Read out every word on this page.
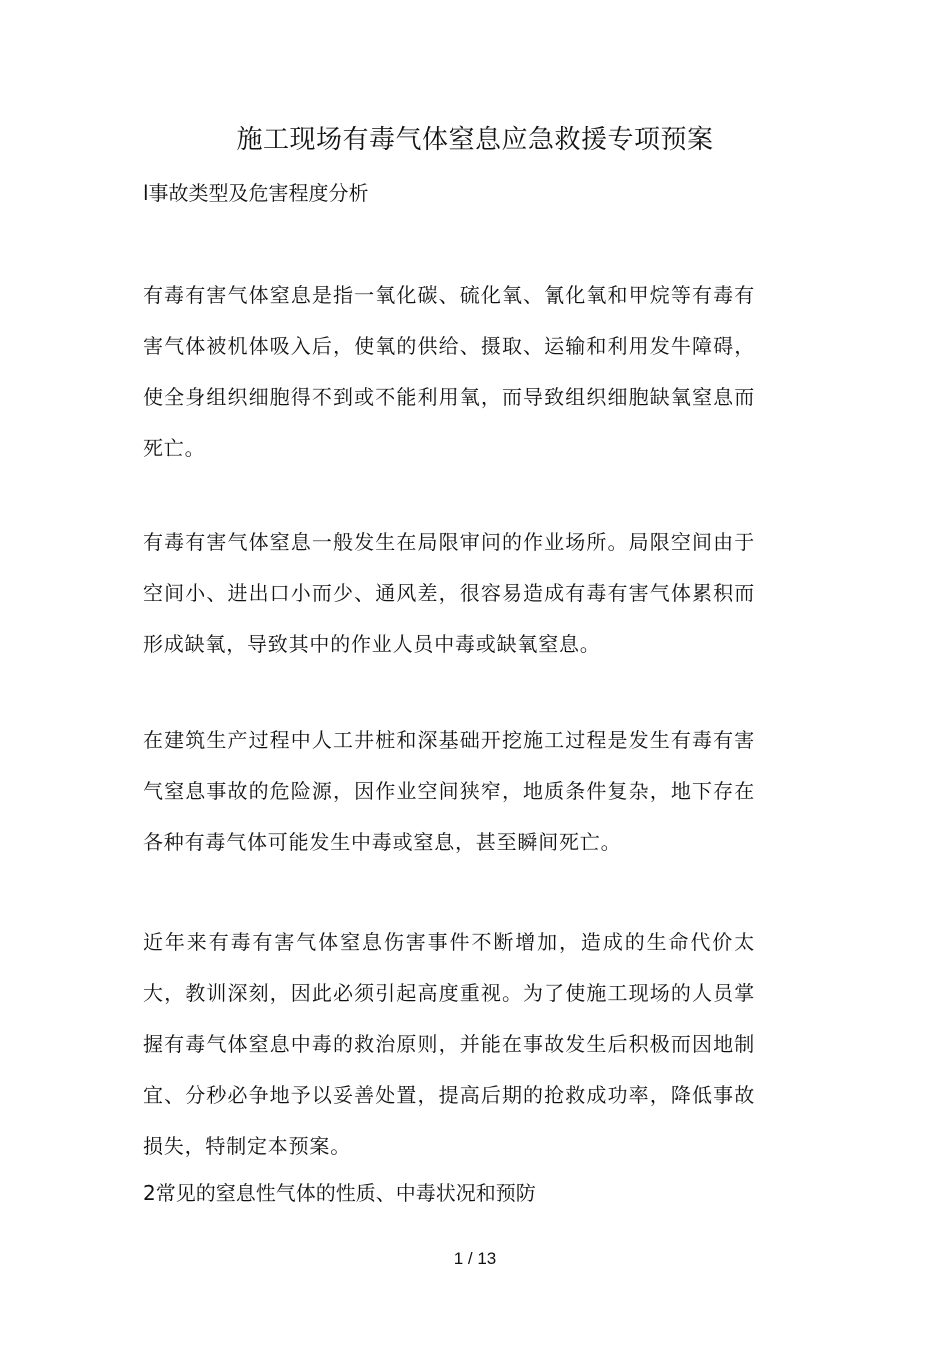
施工现场有毒气体窒息应急救援专项预案
l事故类型及危害程度分析

有毒有害气体窒息是指一氧化碳、硫化氧、氰化氧和甲烷等有毒有害气体被机体吸入后，使氧的供给、摄取、运输和利用发牛障碍，使全身组织细胞得不到或不能利用氧，而导致组织细胞缺氧窒息而死亡。

有毒有害气体窒息一般发生在局限审问的作业场所。局限空间由于空间小、进出口小而少、通风差，很容易造成有毒有害气体累积而形成缺氧，导致其中的作业人员中毒或缺氧窒息。

在建筑生产过程中人工井桩和深基础开挖施工过程是发生有毒有害气窒息事故的危险源，因作业空间狭窄，地质条件复杂，地下存在各种有毒气体可能发生中毒或窒息，甚至瞬间死亡。

近年来有毒有害气体窒息伤害事件不断增加，造成的生命代价太大，教训深刻，因此必须引起高度重视。为了使施工现场的人员掌握有毒气体窒息中毒的救治原则，并能在事故发生后积极而因地制宜、分秒必争地予以妥善处置，提高后期的抢救成功率，降低事故损失，特制定本预案。

2常见的窒息性气体的性质、中毒状况和预防
1 / 13
